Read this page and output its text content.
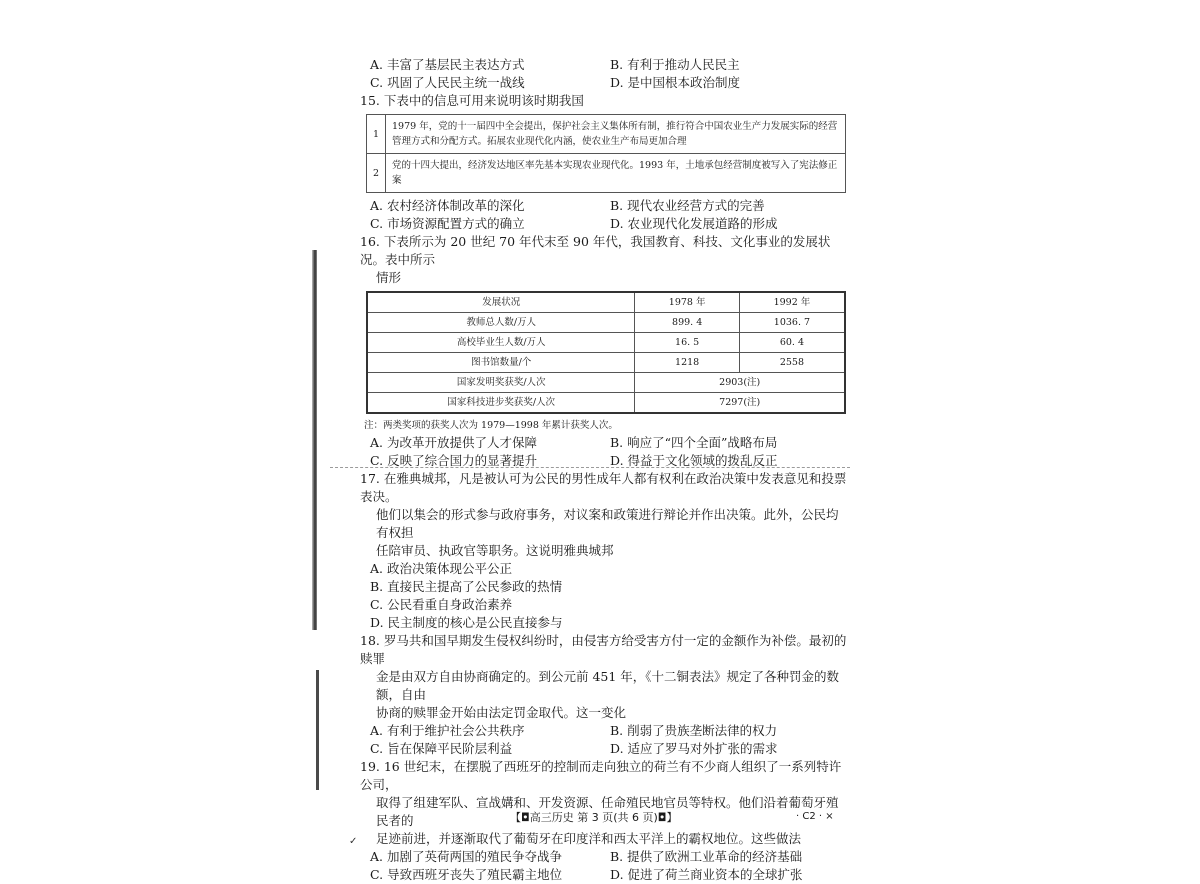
A. 丰富了基层民主表达方式	B. 有利于推动人民民主
C. 巩固了人民民主统一战线	D. 是中国根本政治制度

15. 下表中的信息可用来说明该时期我国

1	1979 年，党的十一届四中全会提出，保护社会主义集体所有制，推行符合中国农业生产力发展实际的经营管理方式和分配方式。拓展农业现代化内涵，使农业生产布局更加合理
2	党的十四大提出，经济发达地区率先基本实现农业现代化。1993 年，土地承包经营制度被写入了宪法修正案
A. 农村经济体制改革的深化	B. 现代农业经营方式的完善
C. 市场资源配置方式的确立	D. 农业现代化发展道路的形成

16. 下表所示为 20 世纪 70 年代末至 90 年代，我国教育、科技、文化事业的发展状况。表中所示

情形

发展状况	1978 年	1992 年
教师总人数/万人	899. 4	1036. 7
高校毕业生人数/万人	16. 5	60. 4
图书馆数量/个	1218	2558
国家发明奖获奖/人次	2903(注)	
国家科技进步奖获奖/人次	7297(注)	
注：两类奖项的获奖人次为 1979—1998 年累计获奖人次。
A. 为改革开放提供了人才保障	B. 响应了“四个全面”战略布局
C. 反映了综合国力的显著提升	D. 得益于文化领域的拨乱反正

17. 在雅典城邦，凡是被认可为公民的男性成年人都有权利在政治决策中发表意见和投票表决。

他们以集会的形式参与政府事务，对议案和政策进行辩论并作出决策。此外，公民均有权担

任陪审员、执政官等职务。这说明雅典城邦

A. 政治决策体现公平公正
B. 直接民主提高了公民参政的热情
C. 公民看重自身政治素养
D. 民主制度的核心是公民直接参与

18. 罗马共和国早期发生侵权纠纷时，由侵害方给受害方付一定的金额作为补偿。最初的赎罪

金是由双方自由协商确定的。到公元前 451 年，《十二铜表法》规定了各种罚金的数额，自由

协商的赎罪金开始由法定罚金取代。这一变化

A. 有利于维护社会公共秩序	B. 削弱了贵族垄断法律的权力
C. 旨在保障平民阶层利益	D. 适应了罗马对外扩张的需求

19. 16 世纪末，在摆脱了西班牙的控制而走向独立的荷兰有不少商人组织了一系列特许公司，

取得了组建军队、宣战媾和、开发资源、任命殖民地官员等特权。他们沿着葡萄牙殖民者的

足迹前进，并逐渐取代了葡萄牙在印度洋和西太平洋上的霸权地位。这些做法

A. 加剧了英荷两国的殖民争夺战争	B. 提供了欧洲工业革命的经济基础
C. 导致西班牙丧失了殖民霸主地位	D. 促进了荷兰商业资本的全球扩张
【◘高三历史 第 3 页(共 6 页)◘】	· C2 · ×
✓
